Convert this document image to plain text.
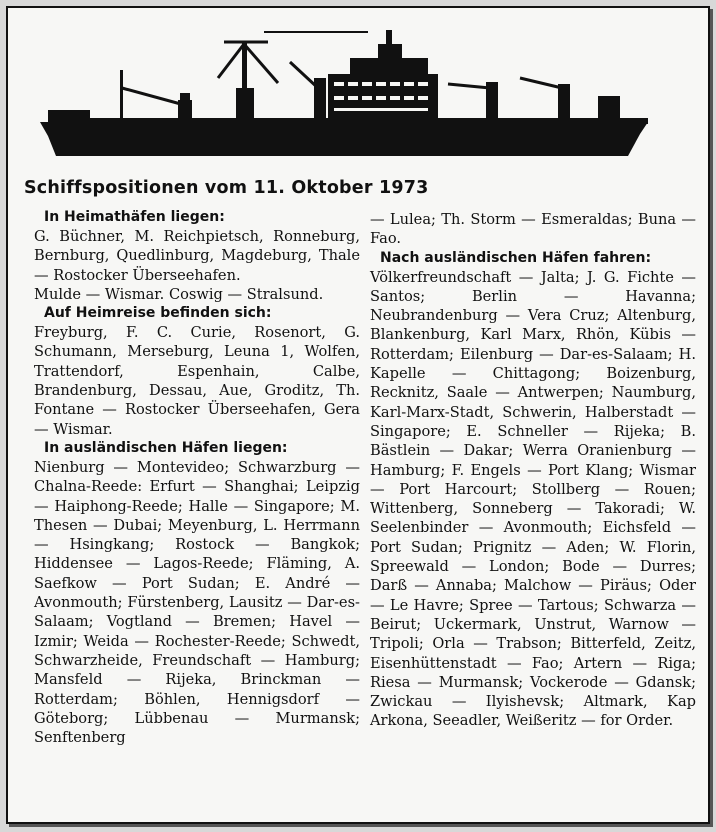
Schiffspositionen vom 11. Oktober 1973
In Heimathäfen liegen:

G. Büchner, M. Reichpietsch, Ronneburg, Bernburg, Quedlinburg, Magdeburg, Thale — Rostocker Überseehafen.

Mulde — Wismar. Coswig — Stralsund.

Auf Heimreise befinden sich:

Freyburg, F. C. Curie, Rosenort, G. Schumann, Merseburg, Leuna 1, Wolfen, Trattendorf, Espenhain, Calbe, Brandenburg, Dessau, Aue, Groditz, Th. Fontane — Rostocker Überseehafen, Gera — Wismar.

In ausländischen Häfen liegen:

Nienburg — Montevideo; Schwarzburg — Chalna-Reede: Erfurt — Shanghai; Leipzig — Haiphong-Reede; Halle — Singapore; M. Thesen — Dubai; Meyenburg, L. Herrmann — Hsingkang; Rostock — Bangkok; Hiddensee — Lagos-Reede; Fläming, A. Saefkow — Port Sudan; E. André — Avonmouth; Fürstenberg, Lausitz — Dar-es-Salaam; Vogtland — Bremen; Havel — Izmir; Weida — Rochester-Reede; Schwedt, Schwarzheide, Freundschaft — Hamburg; Mansfeld — Rijeka, Brinckman — Rotterdam; Böhlen, Hennigsdorf — Göteborg; Lübbenau — Murmansk; Senftenberg

— Lulea; Th. Storm — Esmeraldas; Buna — Fao.

Nach ausländischen Häfen fahren:

Völkerfreundschaft — Jalta; J. G. Fichte — Santos; Berlin — Havanna; Neubrandenburg — Vera Cruz; Altenburg, Blankenburg, Karl Marx, Rhön, Kübis — Rotterdam; Eilenburg — Dar-es-Salaam; H. Kapelle — Chittagong; Boizenburg, Recknitz, Saale — Antwerpen; Naumburg, Karl-Marx-Stadt, Schwerin, Halberstadt — Singapore; E. Schneller — Rijeka; B. Bästlein — Dakar; Werra Oranienburg — Hamburg; F. Engels — Port Klang; Wismar — Port Harcourt; Stollberg — Rouen; Wittenberg, Sonneberg — Takoradi; W. Seelenbinder — Avonmouth; Eichsfeld — Port Sudan; Prignitz — Aden; W. Florin, Spreewald — London; Bode — Durres; Darß — Annaba; Malchow — Piräus; Oder — Le Havre; Spree — Tartous; Schwarza — Beirut; Uckermark, Unstrut, Warnow — Tripoli; Orla — Trabson; Bitterfeld, Zeitz, Eisenhüttenstadt — Fao; Artern — Riga; Riesa — Murmansk; Vockerode — Gdansk; Zwickau — Ilyishevsk; Altmark, Kap Arkona, Seeadler, Weißeritz — for Order.
